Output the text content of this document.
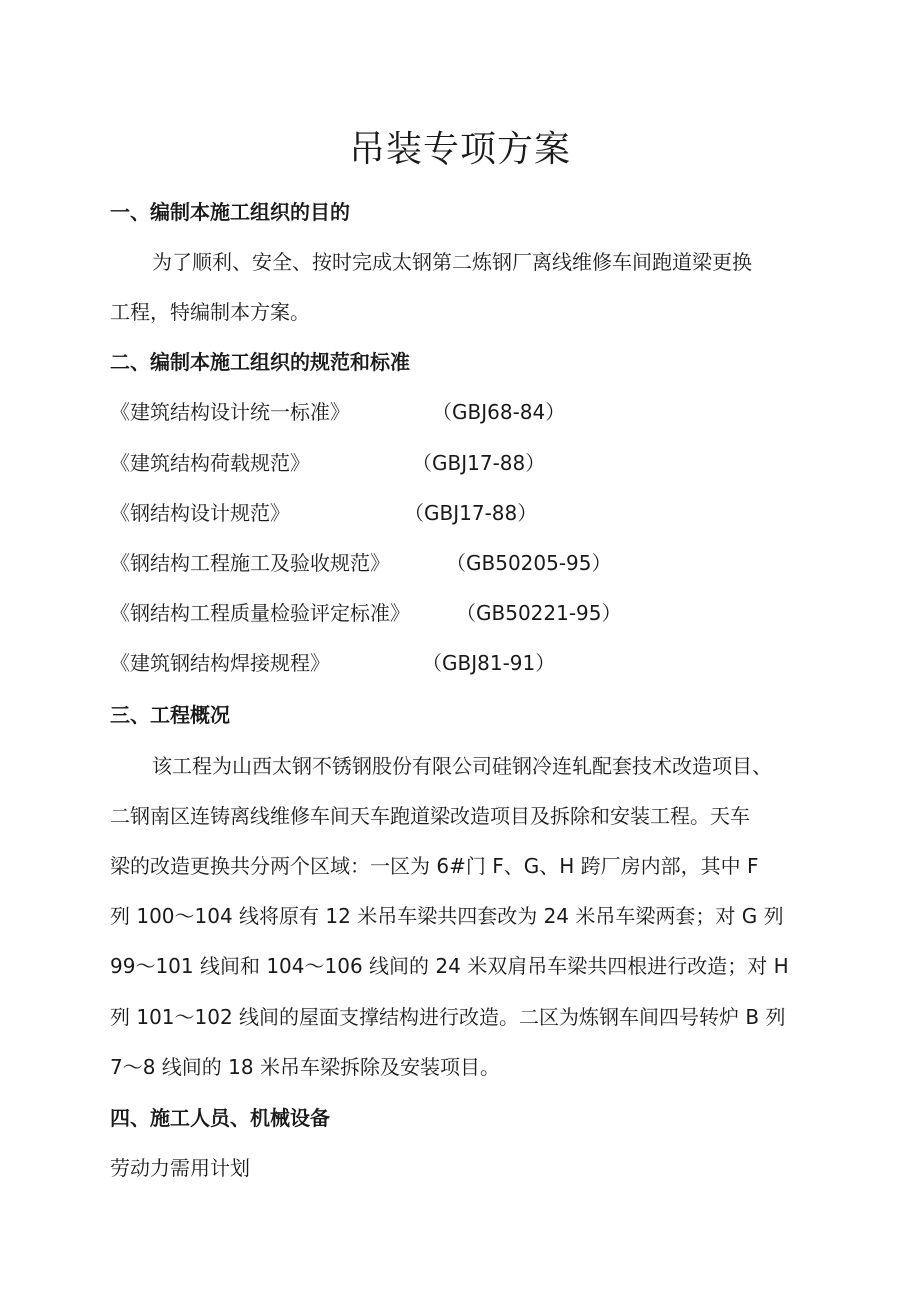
吊装专项方案

一、编制本施工组织的目的

为了顺利、安全、按时完成太钢第二炼钢厂离线维修车间跑道梁更换

工程，特编制本方案。

二、编制本施工组织的规范和标准

《建筑结构设计统一标准》	（GBJ68-84）

《建筑结构荷载规范》	（GBJ17-88）

《钢结构设计规范》	（GBJ17-88）

《钢结构工程施工及验收规范》	（GB50205-95）

《钢结构工程质量检验评定标准》 （GB50221-95）

《建筑钢结构焊接规程》	（GBJ81-91）

三、工程概况

该工程为山西太钢不锈钢股份有限公司硅钢冷连轧配套技术改造项目、

二钢南区连铸离线维修车间天车跑道梁改造项目及拆除和安装工程。天车

梁的改造更换共分两个区域：一区为 6#门 F、G、H 跨厂房内部，其中 F

列 100～104 线将原有 12 米吊车梁共四套改为 24 米吊车梁两套；对 G 列

99～101 线间和 104～106 线间的 24 米双肩吊车梁共四根进行改造；对 H

列 101～102 线间的屋面支撑结构进行改造。二区为炼钢车间四号转炉 B 列

7～8 线间的 18 米吊车梁拆除及安装项目。

四、施工人员、机械设备

劳动力需用计划
